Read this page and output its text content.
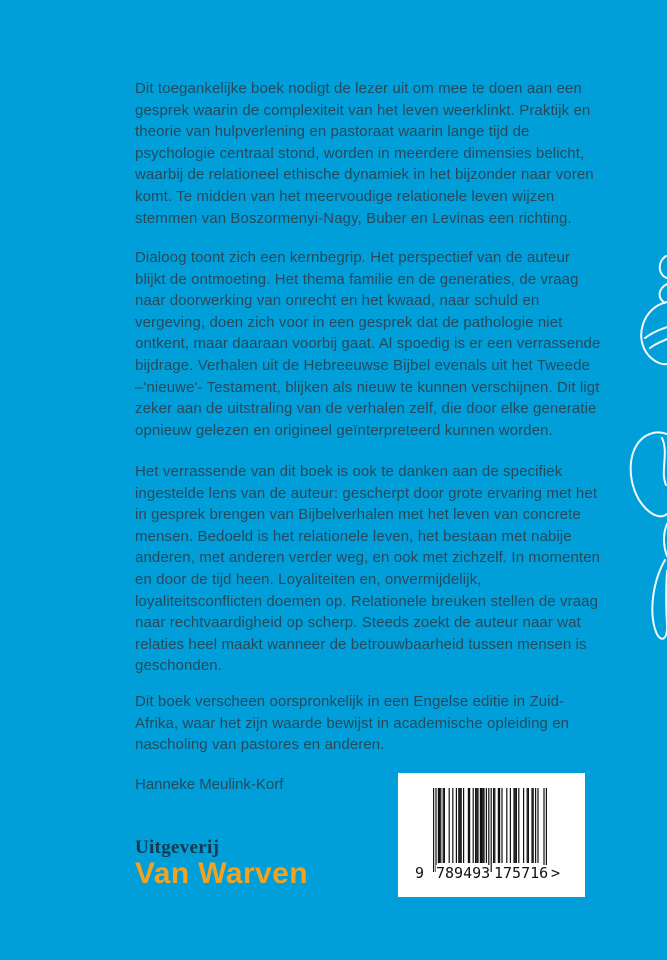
Dit toegankelijke boek nodigt de lezer uit om mee te doen aan een gesprek waarin de complexiteit van het leven weerklinkt. Praktijk en theorie van hulpverlening en pastoraat waarin lange tijd de psychologie centraal stond, worden in meerdere dimensies belicht, waarbij de relationeel ethische dynamiek in het bijzonder naar voren komt. Te midden van het meervoudige relationele leven wijzen stemmen van Boszormenyi-Nagy, Buber en Levinas een richting.

Dialoog toont zich een kernbegrip. Het perspectief van de auteur blijkt de ontmoeting. Het thema familie en de generaties, de vraag naar doorwerking van onrecht en het kwaad, naar schuld en vergeving, doen zich voor in een gesprek dat de pathologie niet ontkent, maar daaraan voorbij gaat. Al spoedig is er een verrassende bijdrage. Verhalen uit de Hebreeuwse Bijbel evenals uit het Tweede –'nieuwe'- Testament, blijken als nieuw te kunnen verschijnen. Dit ligt zeker aan de uitstraling van de verhalen zelf, die door elke generatie opnieuw gelezen en origineel geïnterpreteerd kunnen worden.

Het verrassende van dit boek is ook te danken aan de specifiek ingestelde lens van de auteur: gescherpt door grote ervaring met het in gesprek brengen van Bijbelverhalen met het leven van concrete mensen. Bedoeld is het relationele leven, het bestaan met nabije anderen, met anderen verder weg, en ook met zichzelf. In momenten en door de tijd heen. Loyaliteiten en, onvermijdelijk, loyaliteitsconflicten doemen op. Relationele breuken stellen de vraag naar rechtvaardigheid op scherp. Steeds zoekt de auteur naar wat relaties heel maakt wanneer de betrouwbaarheid tussen mensen is geschonden.

Dit boek verscheen oorspronkelijk in een Engelse editie in Zuid-Afrika, waar het zijn waarde bewijst in academische opleiding en nascholing van pastores en anderen.

Hanneke Meulink-Korf

Uitgeverij
Van Warven	9 789493 175716 >
